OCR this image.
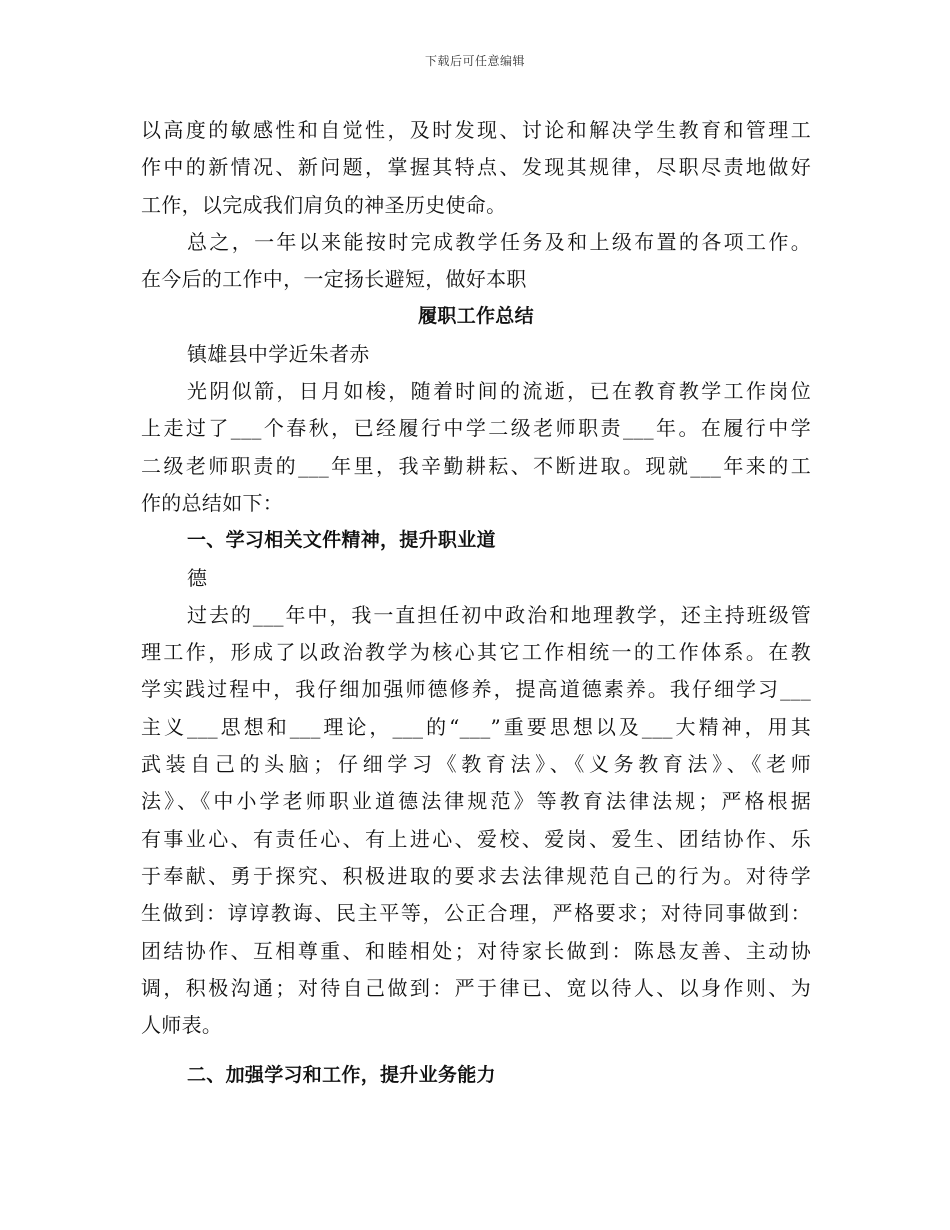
下载后可任意编辑
以高度的敏感性和自觉性，及时发现、讨论和解决学生教育和管理工
作中的新情况、新问题，掌握其特点、发现其规律，尽职尽责地做好
工作，以完成我们肩负的神圣历史使命。
总之，一年以来能按时完成教学任务及和上级布置的各项工作。
在今后的工作中，一定扬长避短，做好本职
履职工作总结
镇雄县中学近朱者赤
光阴似箭，日月如梭，随着时间的流逝，已在教育教学工作岗位
上走过了___个春秋，已经履行中学二级老师职责___年。在履行中学
二级老师职责的___年里，我辛勤耕耘、不断进取。现就___年来的工
作的总结如下：
一、学习相关文件精神，提升职业道
德
过去的___年中，我一直担任初中政治和地理教学，还主持班级管
理工作，形成了以政治教学为核心其它工作相统一的工作体系。在教
学实践过程中，我仔细加强师德修养，提高道德素养。我仔细学习___
主义___思想和___理论，___的“___”重要思想以及___大精神，用其
武装自己的头脑；仔细学习《教育法》、《义务教育法》、《老师
法》、《中小学老师职业道德法律规范》等教育法律法规；严格根据
有事业心、有责任心、有上进心、爱校、爱岗、爱生、团结协作、乐
于奉献、勇于探究、积极进取的要求去法律规范自己的行为。对待学
生做到：谆谆教诲、民主平等，公正合理，严格要求；对待同事做到：
团结协作、互相尊重、和睦相处；对待家长做到：陈恳友善、主动协
调，积极沟通；对待自己做到：严于律已、宽以待人、以身作则、为
人师表。
二、加强学习和工作，提升业务能力
